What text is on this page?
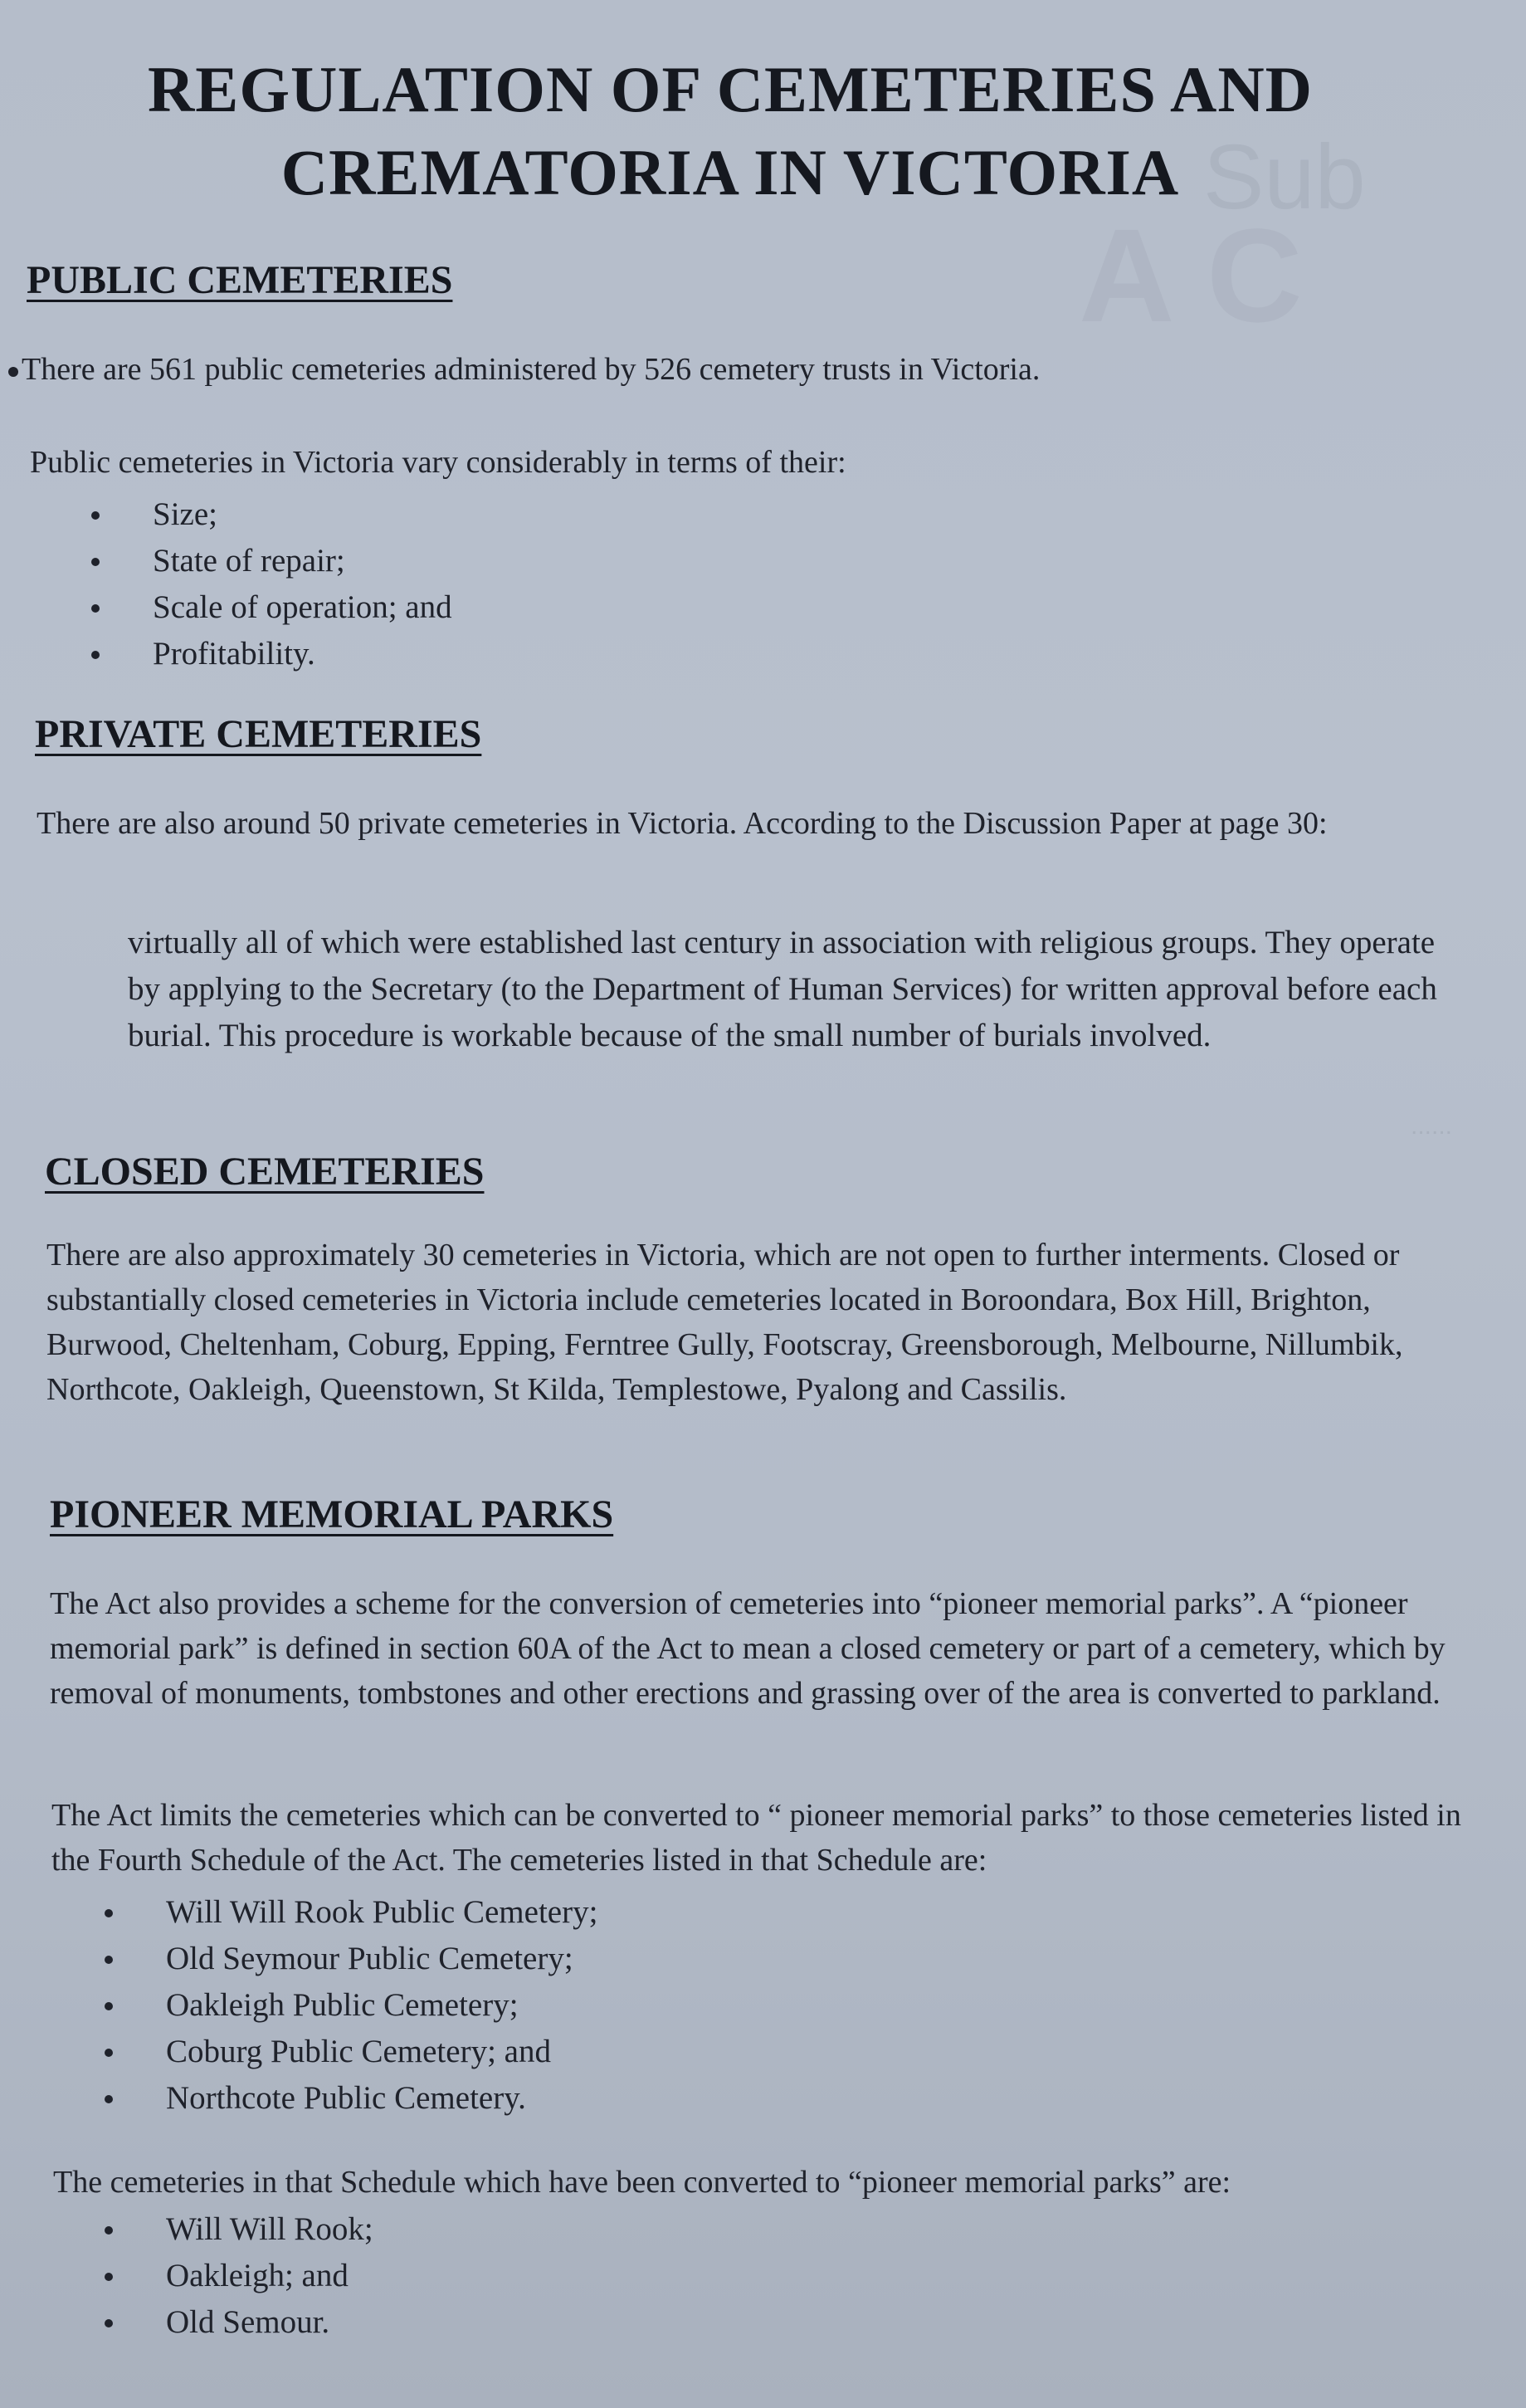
Sub
A C
......
REGULATION OF CEMETERIES AND
CREMATORIA IN VICTORIA
PUBLIC CEMETERIES
There are 561 public cemeteries administered by 526 cemetery trusts in Victoria.
Public cemeteries in Victoria vary considerably in terms of their:
Size;
State of repair;
Scale of operation; and
Profitability.
PRIVATE CEMETERIES
There are also around 50 private cemeteries in Victoria. According to the Discussion Paper at page 30:
virtually all of which were established last century in association with religious groups. They operate by applying to the Secretary (to the Department of Human Services) for written approval before each burial. This procedure is workable because of the small number of burials involved.
CLOSED CEMETERIES
There are also approximately 30 cemeteries in Victoria, which are not open to further interments. Closed or substantially closed cemeteries in Victoria include cemeteries located in Boroondara, Box Hill, Brighton, Burwood, Cheltenham, Coburg, Epping, Ferntree Gully, Footscray, Greensborough, Melbourne, Nillumbik, Northcote, Oakleigh, Queenstown, St Kilda, Templestowe, Pyalong and Cassilis.
PIONEER MEMORIAL PARKS
The Act also provides a scheme for the conversion of cemeteries into “pioneer memorial parks”. A “pioneer memorial park” is defined in section 60A of the Act to mean a closed cemetery or part of a cemetery, which by removal of monuments, tombstones and other erections and grassing over of the area is converted to parkland.
The Act limits the cemeteries which can be converted to “ pioneer memorial parks” to those cemeteries listed in the Fourth Schedule of the Act. The cemeteries listed in that Schedule are:
Will Will Rook Public Cemetery;
Old Seymour Public Cemetery;
Oakleigh Public Cemetery;
Coburg Public Cemetery; and
Northcote Public Cemetery.
The cemeteries in that Schedule which have been converted to “pioneer memorial parks” are:
Will Will Rook;
Oakleigh; and
Old Semour.
